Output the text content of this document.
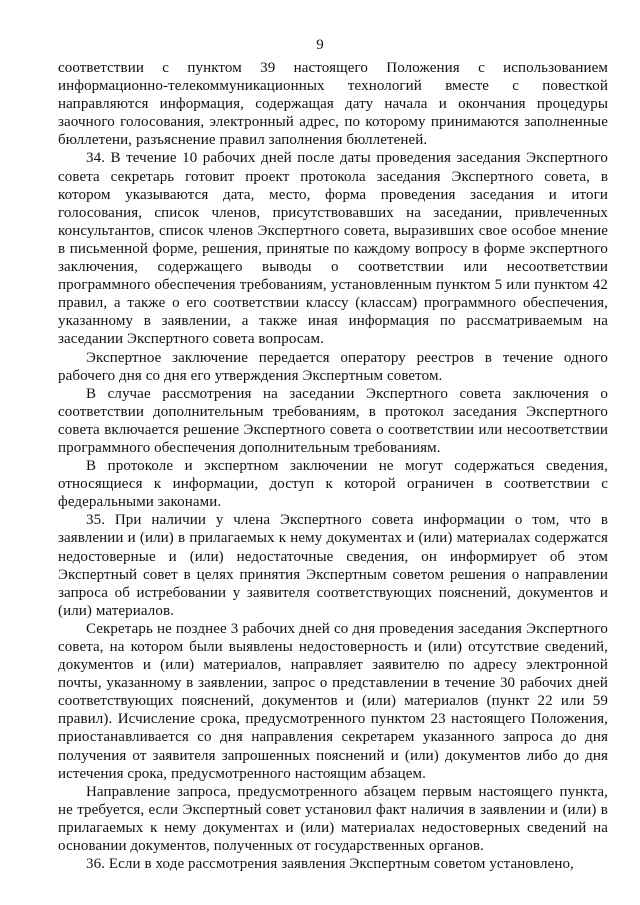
9

соответствии с пунктом 39 настоящего Положения с использованием информационно-телекоммуникационных технологий вместе с повесткой направляются информация, содержащая дату начала и окончания процедуры заочного голосования, электронный адрес, по которому принимаются заполненные бюллетени, разъяснение правил заполнения бюллетеней.

34. В течение 10 рабочих дней после даты проведения заседания Экспертного совета секретарь готовит проект протокола заседания Экспертного совета, в котором указываются дата, место, форма проведения заседания и итоги голосования, список членов, присутствовавших на заседании, привлеченных консультантов, список членов Экспертного совета, выразивших свое особое мнение в письменной форме, решения, принятые по каждому вопросу в форме экспертного заключения, содержащего выводы о соответствии или несоответствии программного обеспечения требованиям, установленным пунктом 5 или пунктом 42 правил, а также о его соответствии классу (классам) программного обеспечения, указанному в заявлении, а также иная информация по рассматриваемым на заседании Экспертного совета вопросам.

Экспертное заключение передается оператору реестров в течение одного рабочего дня со дня его утверждения Экспертным советом.

В случае рассмотрения на заседании Экспертного совета заключения о соответствии дополнительным требованиям, в протокол заседания Экспертного совета включается решение Экспертного совета о соответствии или несоответствии программного обеспечения дополнительным требованиям.

В протоколе и экспертном заключении не могут содержаться сведения, относящиеся к информации, доступ к которой ограничен в соответствии с федеральными законами.

35. При наличии у члена Экспертного совета информации о том, что в заявлении и (или) в прилагаемых к нему документах и (или) материалах содержатся недостоверные и (или) недостаточные сведения, он информирует об этом Экспертный совет в целях принятия Экспертным советом решения о направлении запроса об истребовании у заявителя соответствующих пояснений, документов и (или) материалов.

Секретарь не позднее 3 рабочих дней со дня проведения заседания Экспертного совета, на котором были выявлены недостоверность и (или) отсутствие сведений, документов и (или) материалов, направляет заявителю по адресу электронной почты, указанному в заявлении, запрос о представлении в течение 30 рабочих дней соответствующих пояснений, документов и (или) материалов (пункт 22 или 59 правил). Исчисление срока, предусмотренного пунктом 23 настоящего Положения, приостанавливается со дня направления секретарем указанного запроса до дня получения от заявителя запрошенных пояснений и (или) документов либо до дня истечения срока, предусмотренного настоящим абзацем.

Направление запроса, предусмотренного абзацем первым настоящего пункта, не требуется, если Экспертный совет установил факт наличия в заявлении и (или) в прилагаемых к нему документах и (или) материалах недостоверных сведений на основании документов, полученных от государственных органов.

36. Если в ходе рассмотрения заявления Экспертным советом установлено,
